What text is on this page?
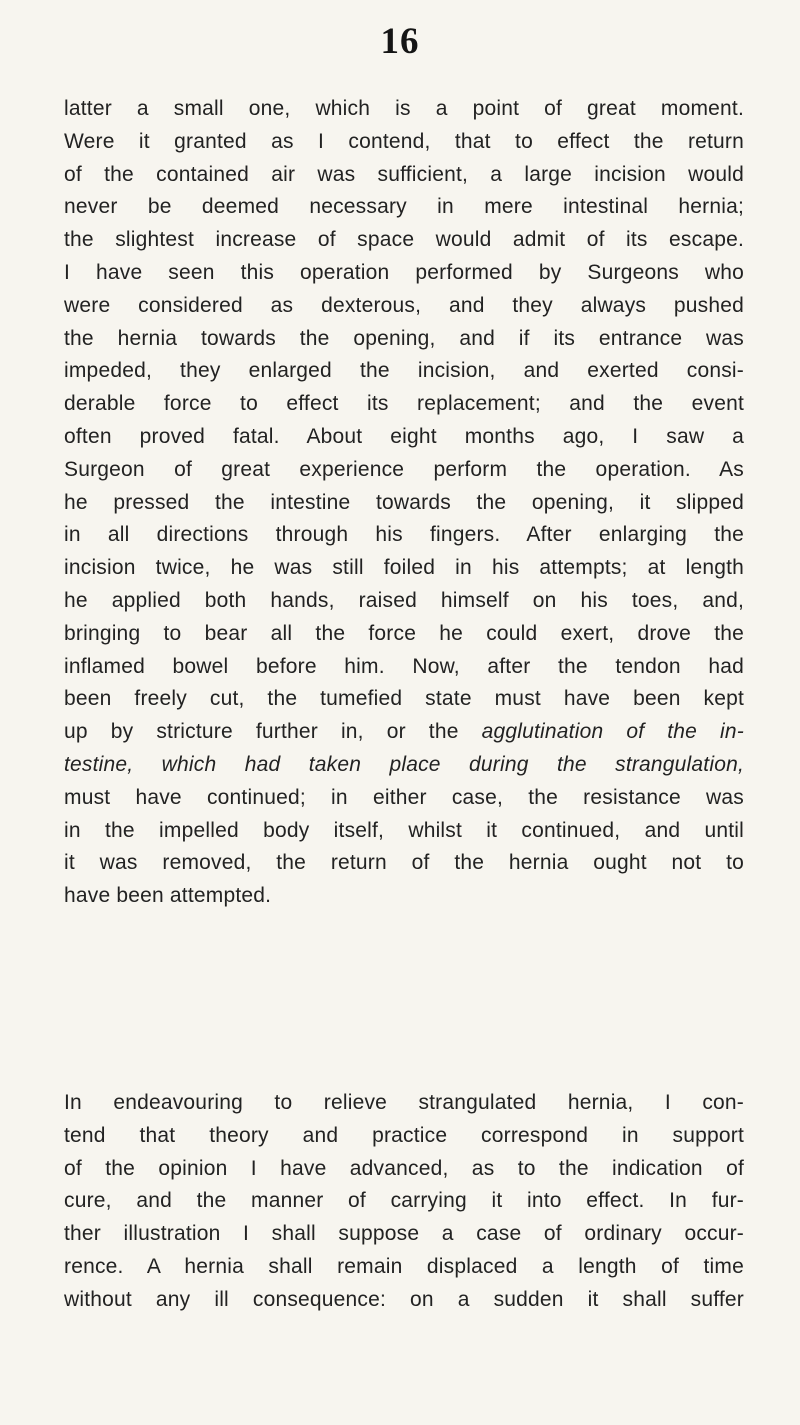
16
latter a small one, which is a point of great moment.
Were it granted as I contend, that to effect the return
of the contained air was sufficient, a large incision would
never be deemed necessary in mere intestinal hernia;
the slightest increase of space would admit of its escape.
I have seen this operation performed by Surgeons who
were considered as dexterous, and they always pushed
the hernia towards the opening, and if its entrance was
impeded, they enlarged the incision, and exerted consi-
derable force to effect its replacement; and the event
often proved fatal. About eight months ago, I saw a
Surgeon of great experience perform the operation. As
he pressed the intestine towards the opening, it slipped
in all directions through his fingers. After enlarging the
incision twice, he was still foiled in his attempts; at length
he applied both hands, raised himself on his toes, and,
bringing to bear all the force he could exert, drove the
inflamed bowel before him. Now, after the tendon had
been freely cut, the tumefied state must have been kept
up by stricture further in, or the agglutination of the in-
testine, which had taken place during the strangulation,
must have continued; in either case, the resistance was
in the impelled body itself, whilst it continued, and until
it was removed, the return of the hernia ought not to
have been attempted.
In endeavouring to relieve strangulated hernia, I con-
tend that theory and practice correspond in support
of the opinion I have advanced, as to the indication of
cure, and the manner of carrying it into effect. In fur-
ther illustration I shall suppose a case of ordinary occur-
rence. A hernia shall remain displaced a length of time
without any ill consequence: on a sudden it shall suffer
